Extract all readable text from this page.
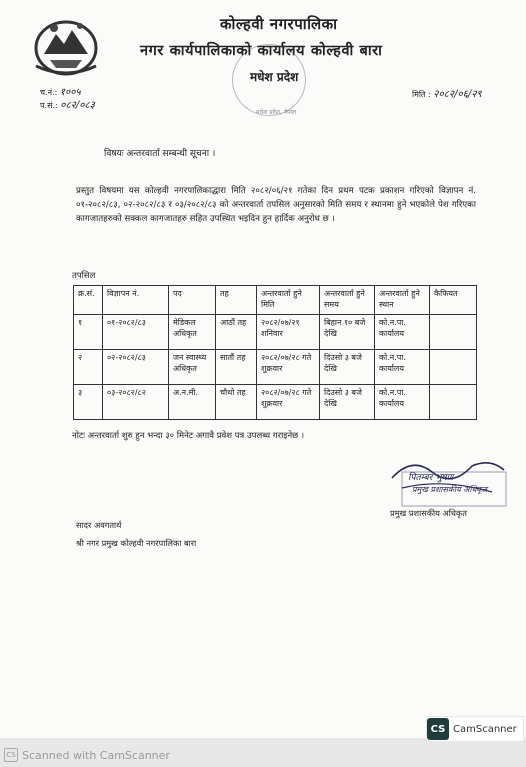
कोल्हवी नगरपालिका
नगर कार्यपालिकाको कार्यालय कोल्हवी बारा
मधेश प्रदेश
मधेश प्रदेश, नेपाल
च.नं.: १००५
प.सं.: ०८२/०८३
मिति : २०८२/०६/२९
विषयः अन्तरवार्ता सम्बन्धी सूचना ।
प्रस्तुत विषयमा यस कोल्हवी नगरपालिकाद्धारा मिति २०८२/०६/२१ गतेका दिन प्रथम पटक प्रकाशन गरिएको विज्ञापन नं. ०१-२०८२/८३, ०२-२०८२/८३ र ०३/२०८२/८३ को अन्तरवार्ता तपसिल अनुसारको मिति समय र स्थानमा हुने भएकोले पेश गरिएका कागजातहरुको सक्कल कागजातहरु सहित उपस्थित भइदिन हुन हार्दिक अनुरोध छ ।
तपसिल
क्र.सं.	विज्ञापन नं.	पद	तह	अन्तरवार्ता हुने मिति	अन्तरवार्ता हुने समय	अन्तरवार्ता हुने स्थान	कैफियत
१	०१-२०८२/८३	मेडिकल अधिकृत	आठौं तह	२०८२/०७/२१ शनिवार	बिहान १० बजे देखि	को.न.पा. कार्यालय	
२	०२-२०८२/८३	जन स्वास्थ्य अधिकृत	सातौं तह	२०८२/०७/२८ गते शुक्रवार	दिउसो ३ बजे देखि	को.न.पा. कार्यालय	
३	०३-२०८२/८२	अ.न.मी.	चौथो तह	२०८२/०७/२८ गते शुक्रवार	दिउसो ३ बजे देखि	को.न.पा. कार्यालय	
नोटः अन्तरवार्ता शुरु हुन भन्दा ३० मिनेट अगावै प्रवेश पत्र उपलब्ध गराइनेछ ।
पितम्बर भुषण
प्रमुख प्रशासकीय अधिकृत
प्रमुख प्रशासकीय अधिकृत
सादर अवगतार्थ
श्री नगर प्रमुख कोल्हवी नगरपालिका बारा
CS CamScanner
CS Scanned with CamScanner
